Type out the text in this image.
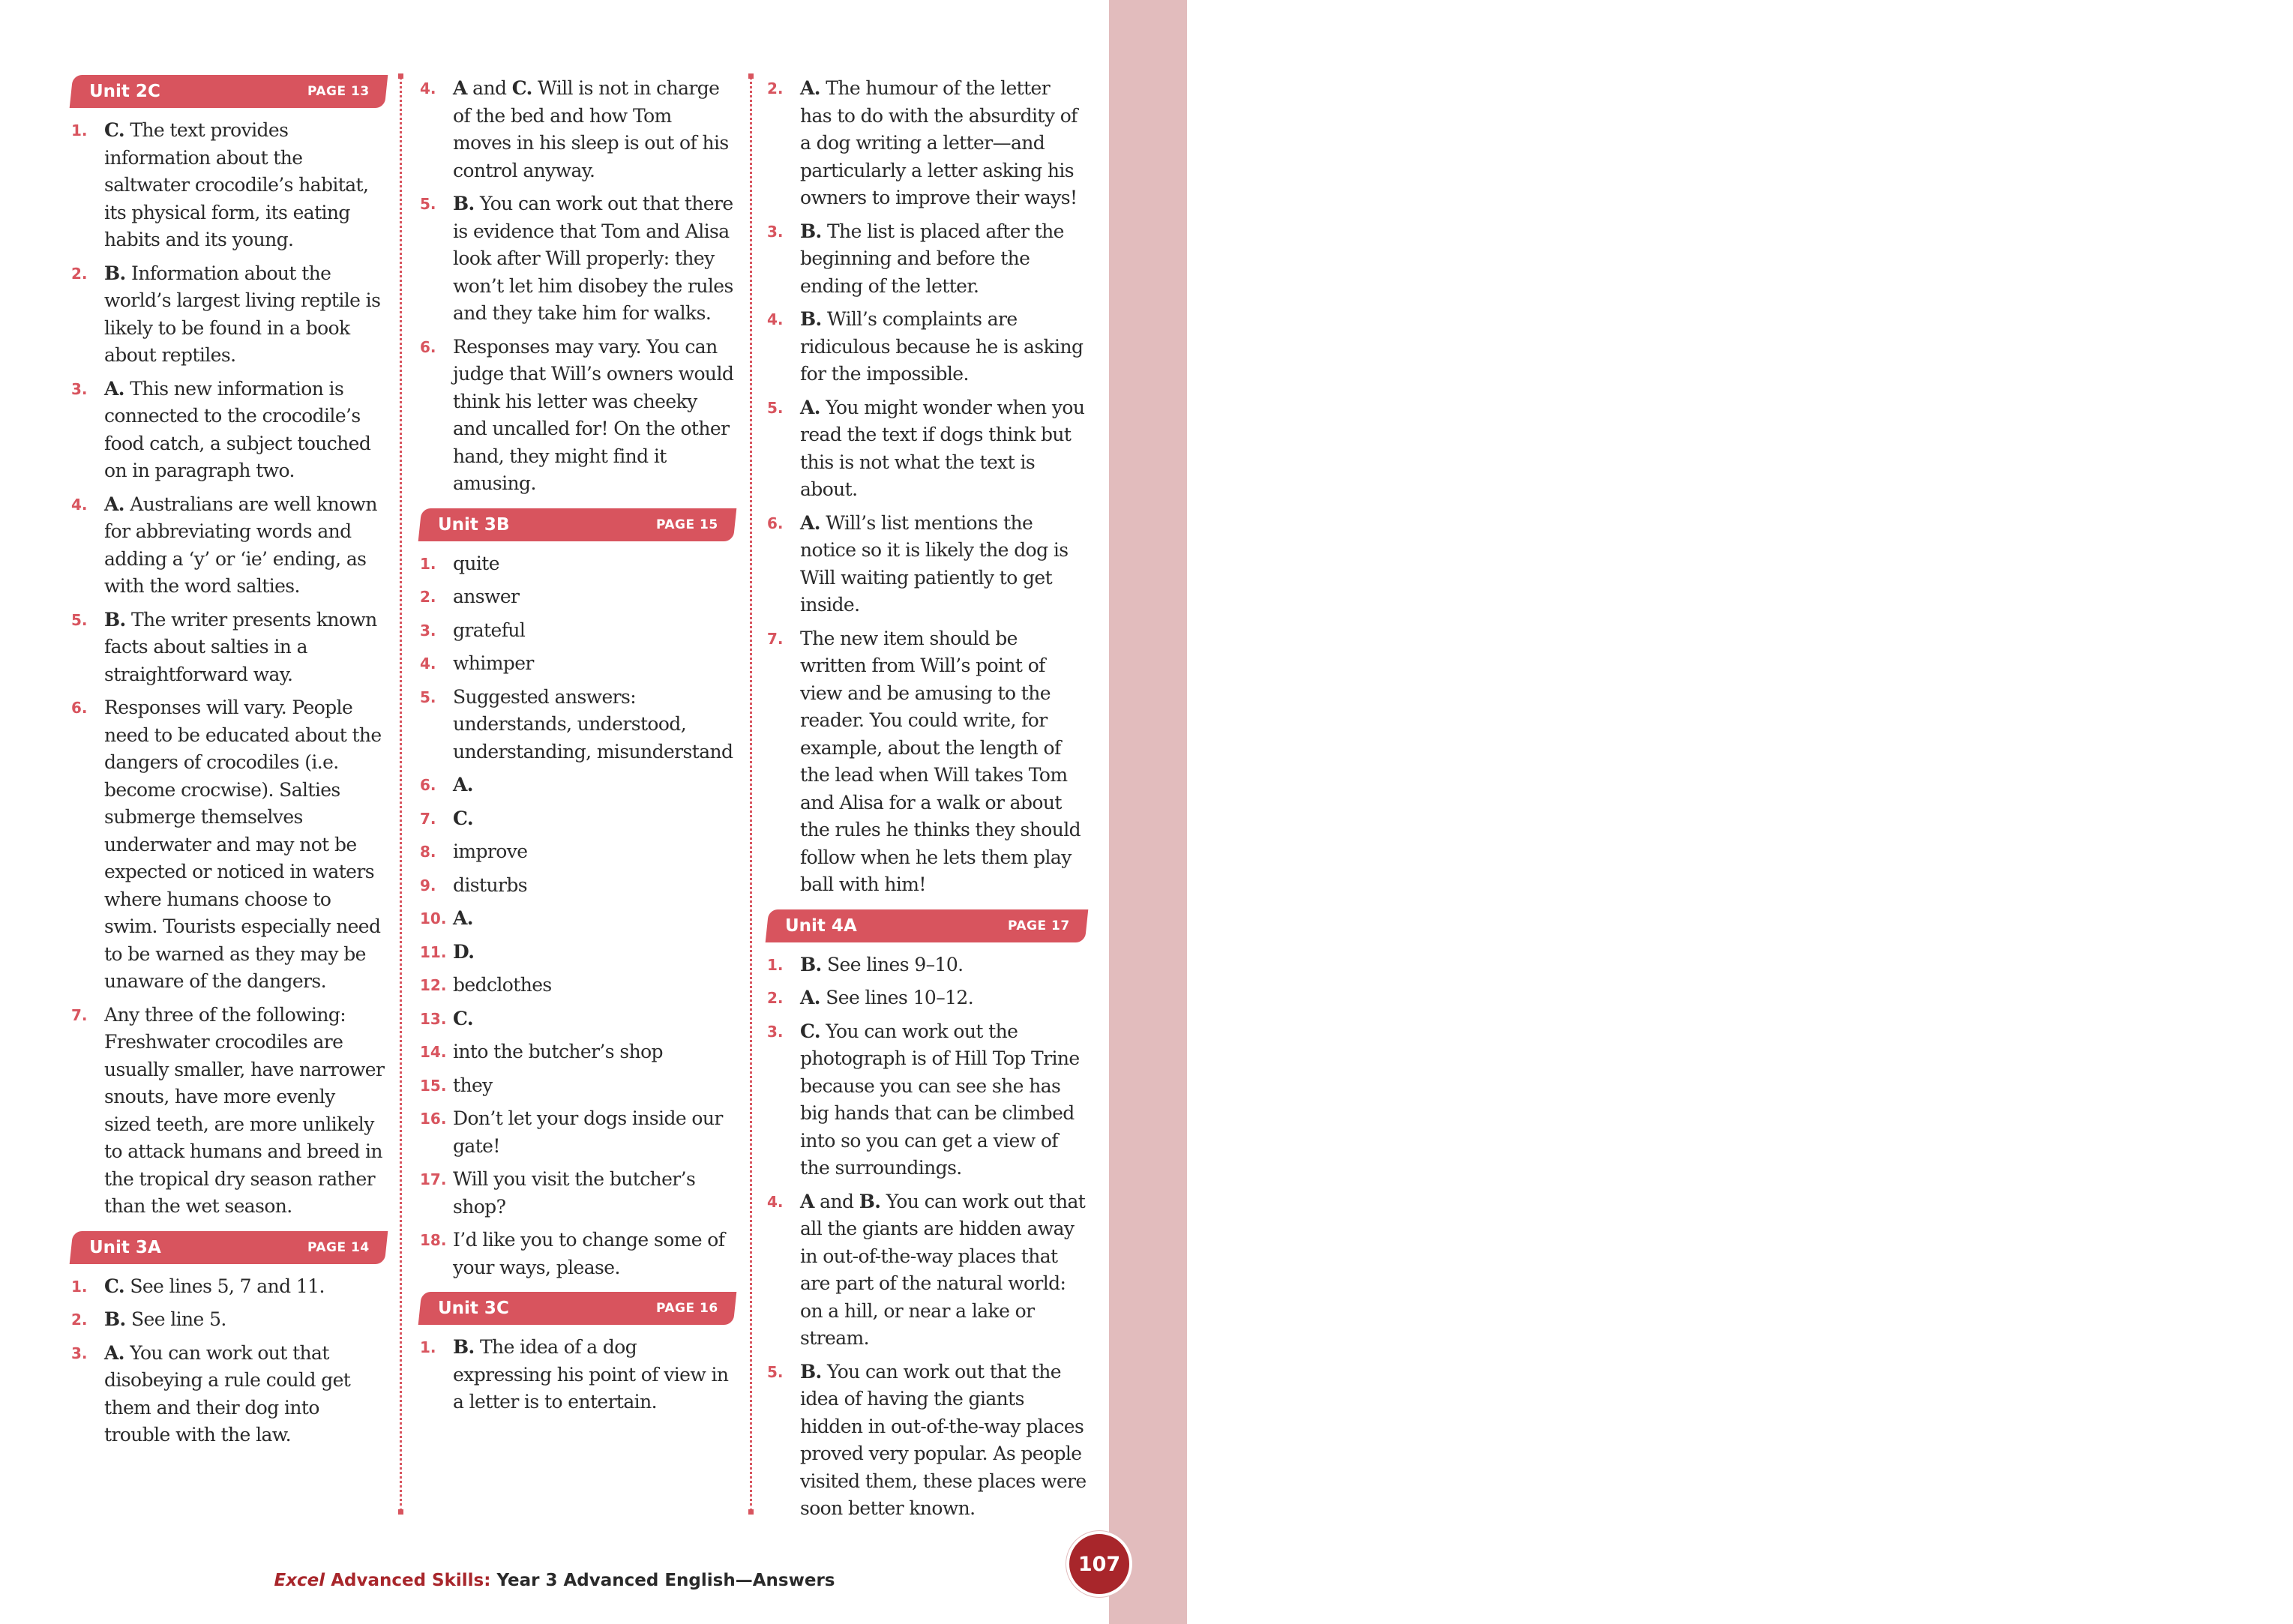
ANSWERS
Unit 2C	PAGE 13
1. C. The text provides information about the saltwater crocodile’s habitat, its physical form, its eating habits and its young.
2. B. Information about the world’s largest living reptile is likely to be found in a book about reptiles.
3. A. This new information is connected to the crocodile’s food catch, a subject touched on in paragraph two.
4. A. Australians are well known for abbreviating words and adding a ‘y’ or ‘ie’ ending, as with the word salties.
5. B. The writer presents known facts about salties in a straightforward way.
6. Responses will vary. People need to be educated about the dangers of crocodiles (i.e. become crocwise). Salties submerge themselves underwater and may not be expected or noticed in waters where humans choose to swim. Tourists especially need to be warned as they may be unaware of the dangers.
7. Any three of the following: Freshwater crocodiles are usually smaller, have narrower snouts, have more evenly sized teeth, are more unlikely to attack humans and breed in the tropical dry season rather than the wet season.
Unit 3A	PAGE 14
1. C. See lines 5, 7 and 11.
2. B. See line 5.
3. A. You can work out that disobeying a rule could get them and their dog into trouble with the law.
4. A and C. Will is not in charge of the bed and how Tom moves in his sleep is out of his control anyway.
5. B. You can work out that there is evidence that Tom and Alisa look after Will properly: they won’t let him disobey the rules and they take him for walks.
6. Responses may vary. You can judge that Will’s owners would think his letter was cheeky and uncalled for! On the other hand, they might find it amusing.
Unit 3B	PAGE 15
1. quite
2. answer
3. grateful
4. whimper
5. Suggested answers: understands, understood, understanding, misunderstand
6. A.
7. C.
8. improve
9. disturbs
10. A.
11. D.
12. bedclothes
13. C.
14. into the butcher’s shop
15. they
16. Don’t let your dogs inside our gate!
17. Will you visit the butcher’s shop?
18. I’d like you to change some of your ways, please.
Unit 3C	PAGE 16
1. B. The idea of a dog expressing his point of view in a letter is to entertain.
2. A. The humour of the letter has to do with the absurdity of a dog writing a letter—and particularly a letter asking his owners to improve their ways!
3. B. The list is placed after the beginning and before the ending of the letter.
4. B. Will’s complaints are ridiculous because he is asking for the impossible.
5. A. You might wonder when you read the text if dogs think but this is not what the text is about.
6. A. Will’s list mentions the notice so it is likely the dog is Will waiting patiently to get inside.
7. The new item should be written from Will’s point of view and be amusing to the reader. You could write, for example, about the length of the lead when Will takes Tom and Alisa for a walk or about the rules he thinks they should follow when he lets them play ball with him!
Unit 4A	PAGE 17
1. B. See lines 9–10.
2. A. See lines 10–12.
3. C. You can work out the photograph is of Hill Top Trine because you can see she has big hands that can be climbed into so you can get a view of the surroundings.
4. A and B. You can work out that all the giants are hidden away in out-of-the-way places that are part of the natural world: on a hill, or near a lake or stream.
5. B. You can work out that the idea of having the giants hidden in out-of-the-way places proved very popular. As people visited them, these places were soon better known.
107
Excel Advanced Skills: Year 3 Advanced English—Answers
